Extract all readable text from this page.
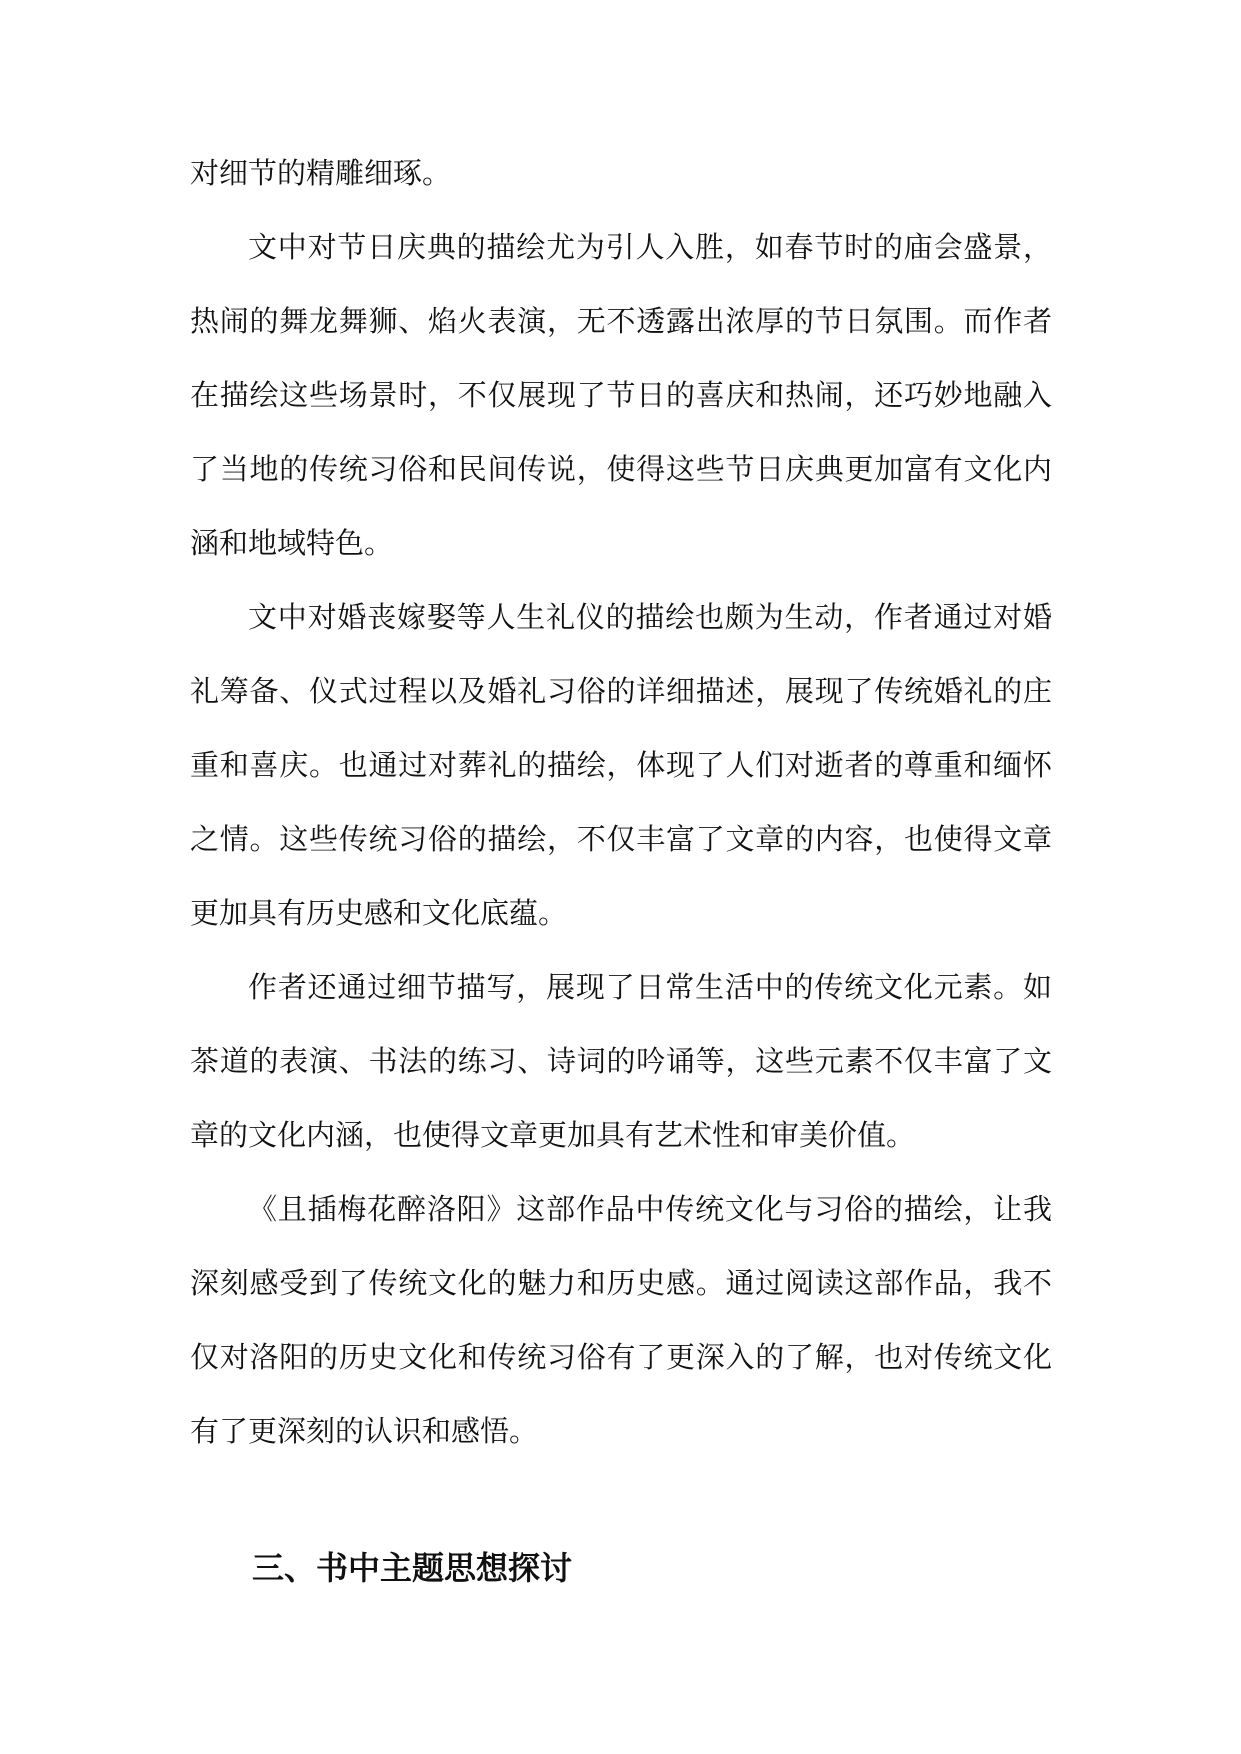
对细节的精雕细琢。

文中对节日庆典的描绘尤为引人入胜，如春节时的庙会盛景，热闹的舞龙舞狮、焰火表演，无不透露出浓厚的节日氛围。而作者在描绘这些场景时，不仅展现了节日的喜庆和热闹，还巧妙地融入了当地的传统习俗和民间传说，使得这些节日庆典更加富有文化内涵和地域特色。

文中对婚丧嫁娶等人生礼仪的描绘也颇为生动，作者通过对婚礼筹备、仪式过程以及婚礼习俗的详细描述，展现了传统婚礼的庄重和喜庆。也通过对葬礼的描绘，体现了人们对逝者的尊重和缅怀之情。这些传统习俗的描绘，不仅丰富了文章的内容，也使得文章更加具有历史感和文化底蕴。

作者还通过细节描写，展现了日常生活中的传统文化元素。如茶道的表演、书法的练习、诗词的吟诵等，这些元素不仅丰富了文章的文化内涵，也使得文章更加具有艺术性和审美价值。

《且插梅花醉洛阳》这部作品中传统文化与习俗的描绘，让我深刻感受到了传统文化的魅力和历史感。通过阅读这部作品，我不仅对洛阳的历史文化和传统习俗有了更深入的了解，也对传统文化有了更深刻的认识和感悟。

三、书中主题思想探讨
